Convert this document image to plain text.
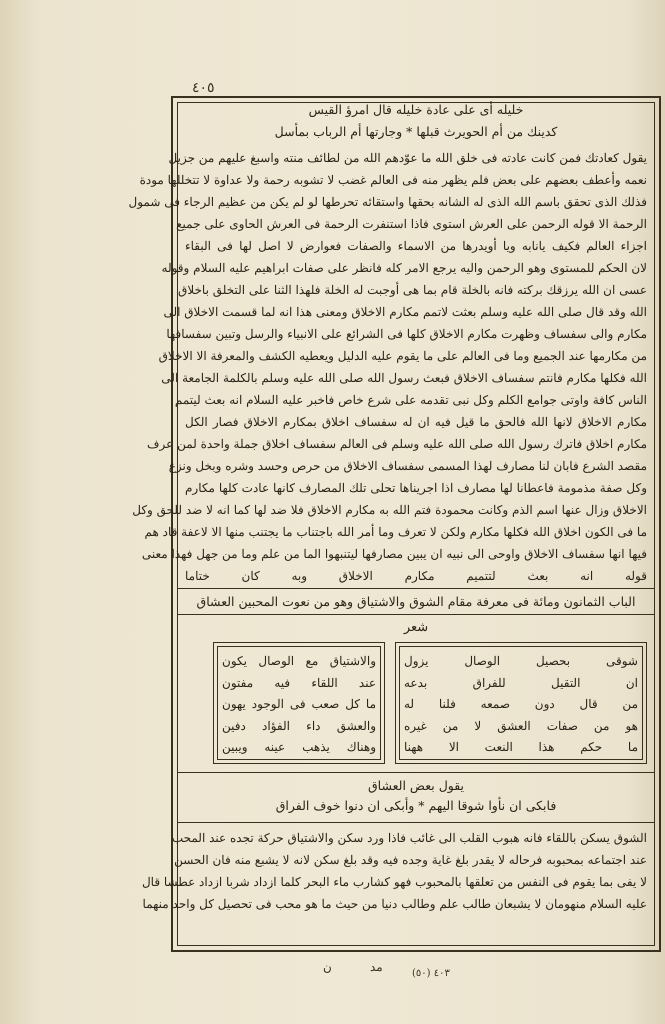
٤٠٥
خليله أى على عادة خليله قال امرؤ القيس
كدينك من أم الحويرث قبلها * وجارتها أم الرباب بمأسل
يقول كعادتك فمن كانت عادته فى خلق الله ما عوّدهم الله من لطائف منته واسبغ عليهم من جزيل
نعمه وأعطف بعضهم على بعض فلم يظهر منه فى العالم غضب لا تشوبه رحمة ولا عداوة لا تتخللها مودة
فذلك الذى تحقق باسم الله الذى له الشانه بحقها واستقائه تحرطها لو لم يكن من عظيم الرجاء فى شمول
الرحمة الا قوله الرحمن على العرش استوى فاذا استنفرت الرحمة فى العرش الحاوى على جميع
اجزاء العالم فكيف يانابه ويا أويدرها من الاسماء والصفات فعوارض لا اصل لها فى البقاء
لان الحكم للمستوى وهو الرحمن واليه يرجع الامر كله فانظر على صفات ابراهيم عليه السلام وقوله
عسى ان الله يرزقك بركته فانه بالخلة قام بما هى أوجبت له الخلة فلهذا الثنا على التخلق باخلاق
الله وقد قال صلى الله عليه وسلم بعثت لاتمم مكارم الاخلاق ومعنى هذا انه لما قسمت الاخلاق الى
مكارم والى سفساف وظهرت مكارم الاخلاق كلها فى الشرائع على الانبياء والرسل وتبين سفسافها
من مكارمها عند الجميع وما فى العالم على ما يقوم عليه الدليل ويعطيه الكشف والمعرفة الا الاخلاق
الله فكلها مكارم فانتم سفساف الاخلاق فبعث رسول الله صلى الله عليه وسلم بالكلمة الجامعة الى
الناس كافة واوتى جوامع الكلم وكل نبى تقدمه على شرع خاص فاخبر عليه السلام انه بعث ليتمم
مكارم الاخلاق لانها الله فالحق ما قيل فيه ان له سفساف اخلاق بمكارم الاخلاق فصار الكل
مكارم اخلاق فاترك رسول الله صلى الله عليه وسلم فى العالم سفساف اخلاق جملة واحدة لمن عرف
مقصد الشرع فابان لنا مصارف لهذا المسمى سفساف الاخلاق من حرص وحسد وشره وبخل ونزع
وكل صفة مذمومة فاعطانا لها مصارف اذا اجريناها تحلى تلك المصارف كانها عادت كلها مكارم
الاخلاق وزال عنها اسم الذم وكانت محمودة فتم الله به مكارم الاخلاق فلا ضد لها كما انه لا ضد للحق وكل
ما فى الكون اخلاق الله فكلها مكارم ولكن لا تعرف وما أمر الله باجتناب ما يجتنب منها الا لاعفة قاد هم
فيها انها سفساف الاخلاق واوحى الى نبيه ان يبين مصارفها ليتنبهوا الما من علم وما من جهل فهذا معنى
قوله انه بعث لتتميم مكارم الاخلاق وبه كان ختاما
الباب الثمانون ومائة فى معرفة مقام الشوق والاشتياق وهو من نعوت المحبين العشاق
شعر
شوقى بحصيل الوصال يزول
ان التقيل للفراق بدعه
من قال دون صمعه فلنا له
هو من صفات العشق لا من غيره
ما حكم هذا النعت الا ههنا
والاشتياق مع الوصال يكون
عند اللقاء فيه مفتون
ما كل صعب فى الوجود يهون
والعشق داء الفؤاد دفين
وهناك يذهب عينه ويبين
يقول بعض العشاق
فابكى ان نأوا شوقا اليهم * وأبكى ان دنوا خوف الفراق
الشوق يسكن باللقاء فانه هبوب القلب الى غائب فاذا ورد سكن والاشتياق حركة تجده عند المحب
عند اجتماعه بمحبوبه فرحاله لا يقدر بلغ غاية وجده فيه وقد بلغ سكن لانه لا يشبع منه فان الحسن
لا يفى بما يقوم فى النفس من تعلقها بالمحبوب فهو كشارب ماء البحر كلما ازداد شربا ازداد عطشا قال
عليه السلام منهومان لا يشبعان طالب علم وطالب دنيا من حيث ما هو محب فى تحصيل كل واحد منهما
ن	مد	٤٠٣ (٥٠)
